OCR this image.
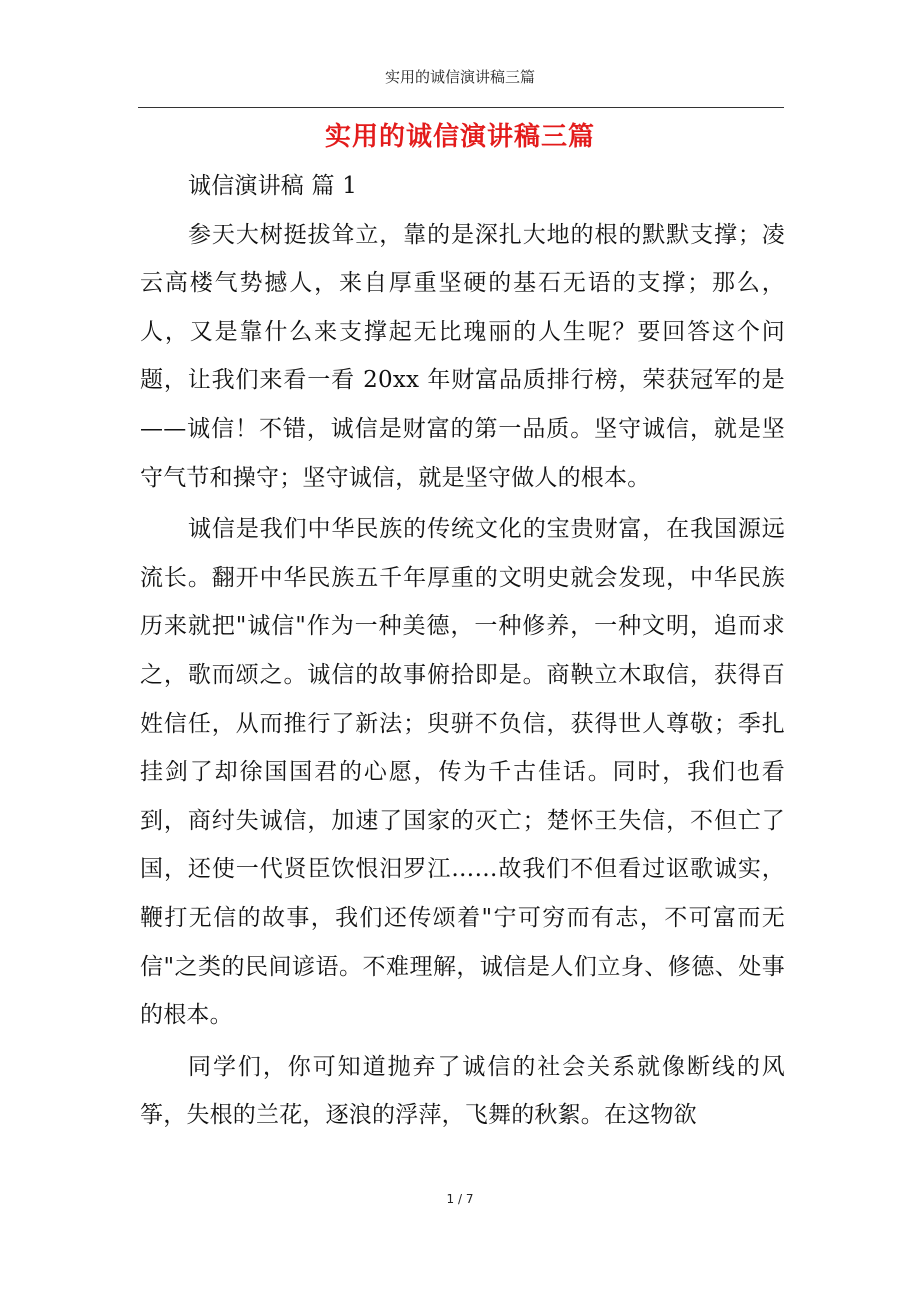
实用的诚信演讲稿三篇
实用的诚信演讲稿三篇

诚信演讲稿 篇 1

参天大树挺拔耸立，靠的是深扎大地的根的默默支撑；凌云高楼气势撼人，来自厚重坚硬的基石无语的支撑；那么，人，又是靠什么来支撑起无比瑰丽的人生呢？要回答这个问题，让我们来看一看 20xx 年财富品质排行榜，荣获冠军的是——诚信！不错，诚信是财富的第一品质。坚守诚信，就是坚守气节和操守；坚守诚信，就是坚守做人的根本。

诚信是我们中华民族的传统文化的宝贵财富，在我国源远流长。翻开中华民族五千年厚重的文明史就会发现，中华民族历来就把"诚信"作为一种美德，一种修养，一种文明，追而求之，歌而颂之。诚信的故事俯拾即是。商鞅立木取信，获得百姓信任，从而推行了新法；臾骈不负信，获得世人尊敬；季扎挂剑了却徐国国君的心愿，传为千古佳话。同时，我们也看到，商纣失诚信，加速了国家的灭亡；楚怀王失信，不但亡了国，还使一代贤臣饮恨汨罗江……故我们不但看过讴歌诚实，鞭打无信的故事，我们还传颂着"宁可穷而有志，不可富而无信"之类的民间谚语。不难理解，诚信是人们立身、修德、处事的根本。

同学们，你可知道抛弃了诚信的社会关系就像断线的风筝，失根的兰花，逐浪的浮萍，飞舞的秋絮。在这物欲

1 / 7
